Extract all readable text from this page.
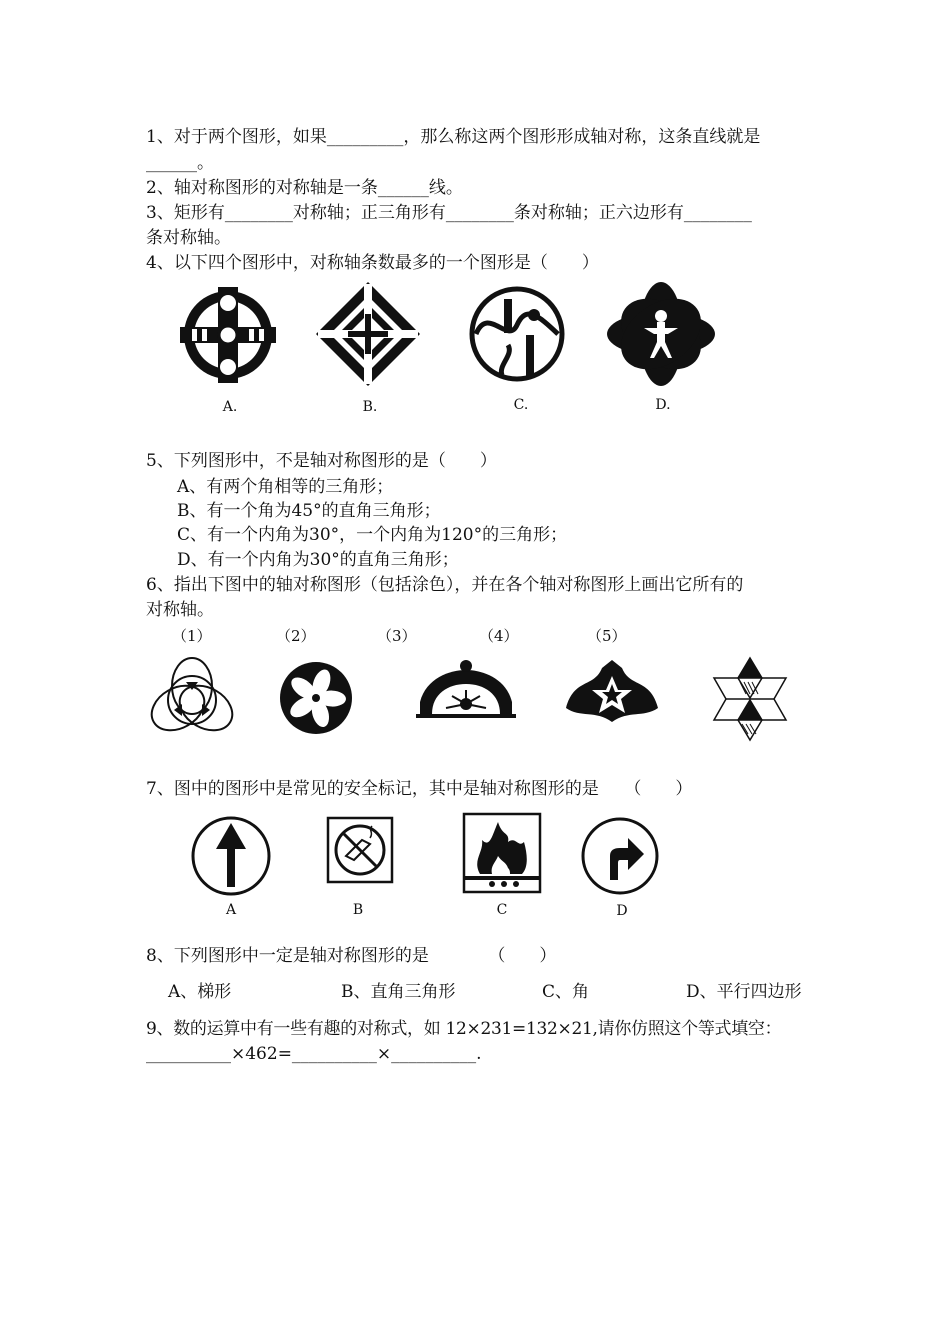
1、对于两个图形，如果_________，那么称这两个图形形成轴对称，这条直线就是
______。
2、轴对称图形的对称轴是一条______线。
3、矩形有________对称轴；正三角形有________条对称轴；正六边形有________
条对称轴。
4、以下四个图形中，对称轴条数最多的一个图形是（　　）
A.	B.	C.	D.
5、下列图形中，不是轴对称图形的是（　　）
A、有两个角相等的三角形；
B、有一个角为45°的直角三角形；
C、有一个内角为30°，一个内角为120°的三角形；
D、有一个内角为30°的直角三角形；
6、指出下图中的轴对称图形（包括涂色），并在各个轴对称图形上画出它所有的
对称轴。
（1）	（2）	（3）	（4）	（5）
7、图中的图形中是常见的安全标记，其中是轴对称图形的是　　（　　）
A	B	C	D
8、下列图形中一定是轴对称图形的是　　　　（　　）
A、梯形	B、直角三角形	C、角	D、平行四边形
9、数的运算中有一些有趣的对称式，如 12×231=132×21,请你仿照这个等式填空：
__________×462=__________×__________.
